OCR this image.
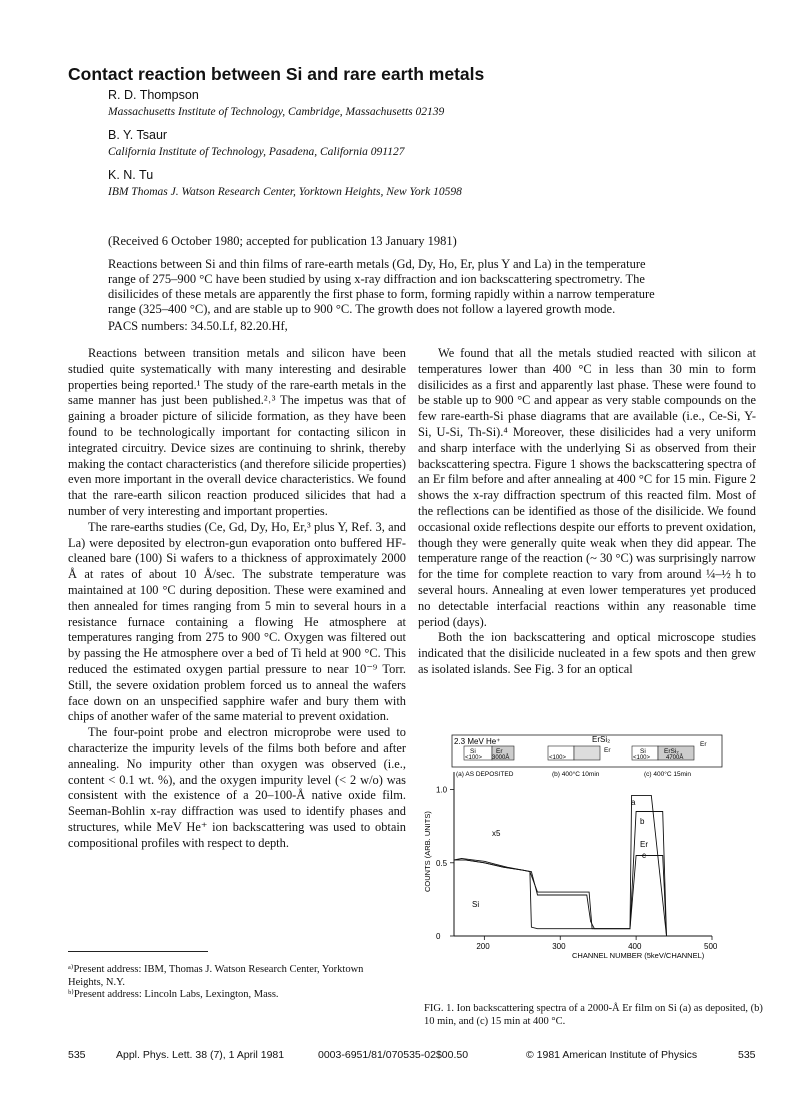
Contact reaction between Si and rare earth metals
R. D. Thompson
Massachusetts Institute of Technology, Cambridge, Massachusetts 02139
B. Y. Tsaur
California Institute of Technology, Pasadena, California 091127
K. N. Tu
IBM Thomas J. Watson Research Center, Yorktown Heights, New York 10598
(Received 6 October 1980; accepted for publication 13 January 1981)
Reactions between Si and thin films of rare-earth metals (Gd, Dy, Ho, Er, plus Y and La) in the temperature range of 275–900 °C have been studied by using x-ray diffraction and ion backscattering spectrometry. The disilicides of these metals are apparently the first phase to form, forming rapidly within a narrow temperature range (325–400 °C), and are stable up to 900 °C. The growth does not follow a layered growth mode.
PACS numbers: 34.50.Lf, 82.20.Hf,

Reactions between transition metals and silicon have been studied quite systematically with many interesting and desirable properties being reported.¹ The study of the rare-earth metals in the same manner has just been published.²˒³ The impetus was that of gaining a broader picture of silicide formation, as they have been found to be technologically important for contacting silicon in integrated circuitry. Device sizes are continuing to shrink, thereby making the contact characteristics (and therefore silicide properties) even more important in the overall device characteristics. We found that the rare-earth silicon reaction produced silicides that had a number of very interesting and important properties.

The rare-earths studies (Ce, Gd, Dy, Ho, Er,³ plus Y, Ref. 3, and La) were deposited by electron-gun evaporation onto buffered HF-cleaned bare (100) Si wafers to a thickness of approximately 2000 Å at rates of about 10 Å/sec. The substrate temperature was maintained at 100 °C during deposition. These were examined and then annealed for times ranging from 5 min to several hours in a resistance furnace containing a flowing He atmosphere at temperatures ranging from 275 to 900 °C. Oxygen was filtered out by passing the He atmosphere over a bed of Ti held at 900 °C. This reduced the estimated oxygen partial pressure to near 10⁻⁹ Torr. Still, the severe oxidation problem forced us to anneal the wafers face down on an unspecified sapphire wafer and bury them with chips of another wafer of the same material to prevent oxidation.

The four-point probe and electron microprobe were used to characterize the impurity levels of the films both before and after annealing. No impurity other than oxygen was observed (i.e., content < 0.1 wt. %), and the oxygen impurity level (< 2 w/o) was consistent with the existence of a 20–100-Å native oxide film. Seeman-Bohlin x-ray diffraction was used to identify phases and structures, while MeV He⁺ ion backscattering was used to obtain compositional profiles with respect to depth.

We found that all the metals studied reacted with silicon at temperatures lower than 400 °C in less than 30 min to form disilicides as a first and apparently last phase. These were found to be stable up to 900 °C and appear as very stable compounds on the few rare-earth-Si phase diagrams that are available (i.e., Ce-Si, Y-Si, U-Si, Th-Si).⁴ Moreover, these disilicides had a very uniform and sharp interface with the underlying Si as observed from their backscattering spectra. Figure 1 shows the backscattering spectra of an Er film before and after annealing at 400 °C for 15 min. Figure 2 shows the x-ray diffraction spectrum of this reacted film. Most of the reflections can be identified as those of the disilicide. We found occasional oxide reflections despite our efforts to prevent oxidation, though they were generally quite weak when they did appear. The temperature range of the reaction (~ 30 °C) was surprisingly narrow for the time for complete reaction to vary from around ¼–½ h to several hours. Annealing at even lower temperatures yet produced no detectable interfacial reactions within any reasonable time period (days).

Both the ion backscattering and optical microscope studies indicated that the disilicide nucleated in a few spots and then grew as isolated islands. See Fig. 3 for an optical

200	300	400	500
0
0.5
1.0
2.3 MeV He⁺	ErSi₂
Si	Er
<100> 3000Å	<100>
Er	Si	ErSi₂
<100>	4700Å
Er
(a) AS DEPOSITED	(b) 400°C 10min	(c) 400°C 15min
x5
Si
Er
a
b
c
CHANNEL NUMBER (5keV/CHANNEL)
COUNTS (ARB. UNITS)
ᵃ⁾Present address: IBM, Thomas J. Watson Research Center, Yorktown Heights, N.Y.
ᵇ⁾Present address: Lincoln Labs, Lexington, Mass.
FIG. 1. Ion backscattering spectra of a 2000-Å Er film on Si (a) as deposited, (b) 10 min, and (c) 15 min at 400 °C.
535	Appl. Phys. Lett. 38 (7), 1 April 1981	0003-6951/81/070535-02$00.50	© 1981 American Institute of Physics	535
